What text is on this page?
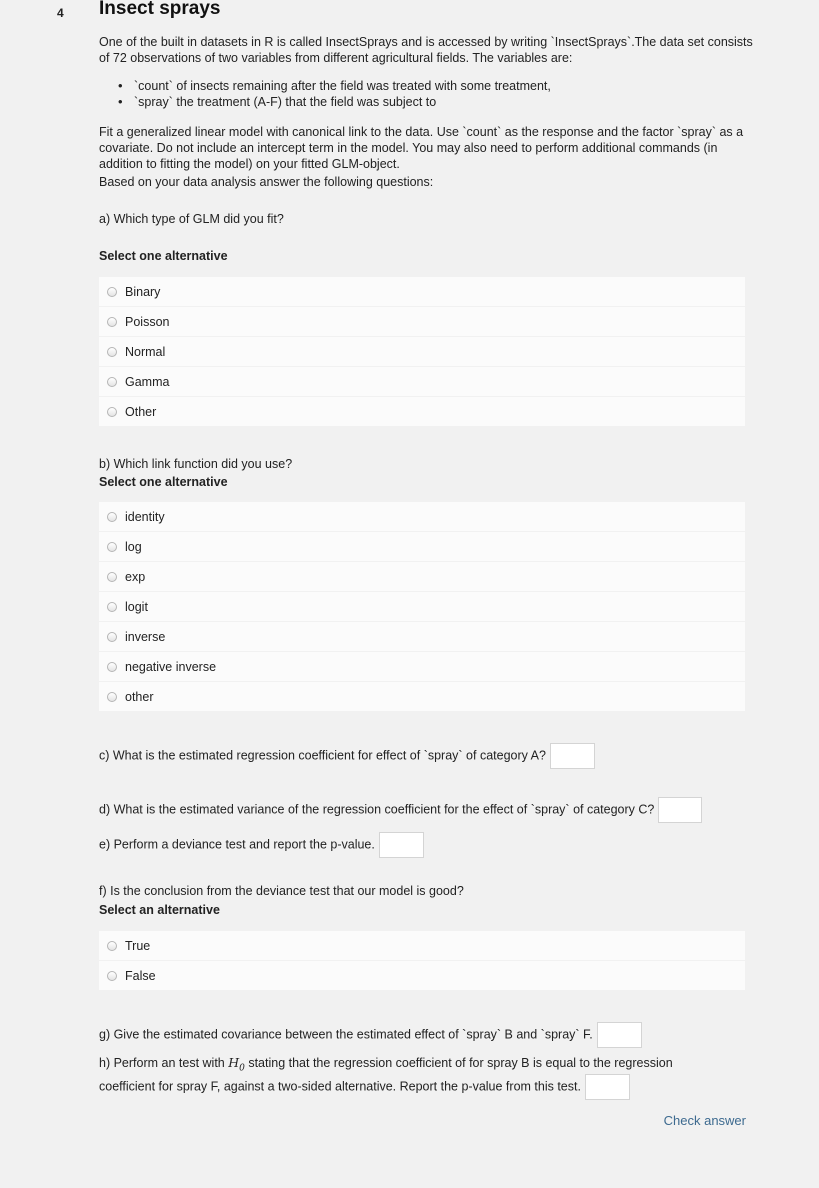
4 Insect sprays
One of the built in datasets in R is called InsectSprays and is accessed by writing `InsectSprays`.The data set consists of 72 observations of two variables from different agricultural fields. The variables are:
• `count` of insects remaining after the field was treated with some treatment,
• `spray` the treatment (A-F) that the field was subject to
Fit a generalized linear model with canonical link to the data. Use `count` as the response and the factor `spray` as a covariate. Do not include an intercept term in the model. You may also need to perform additional commands (in addition to fitting the model) on your fitted GLM-object.
Based on your data analysis answer the following questions:
a) Which type of GLM did you fit?
Select one alternative
Binary
Poisson
Normal
Gamma
Other
b) Which link function did you use?
Select one alternative
identity
log
exp
logit
inverse
negative inverse
other
c) What is the estimated regression coefficient for effect of `spray` of category A?
d) What is the estimated variance of the regression coefficient for the effect of `spray` of category C?
e) Perform a deviance test and report the p-value.
f) Is the conclusion from the deviance test that our model is good?
Select an alternative
True
False
g) Give the estimated covariance between the estimated effect of `spray` B and `spray` F.
h) Perform an test with $H_0$ stating that the regression coefficient of for spray B is equal to the regression
coefficient for spray F, against a two-sided alternative. Report the p-value from this test.
Check answer
